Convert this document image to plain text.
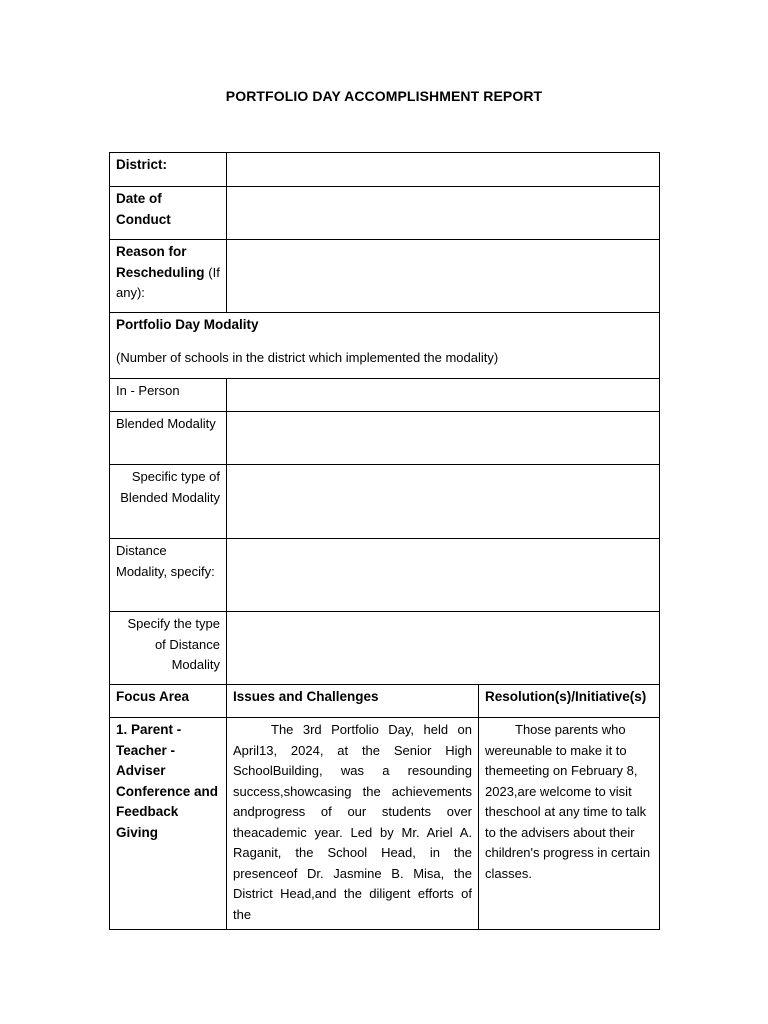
PORTFOLIO DAY ACCOMPLISHMENT REPORT
District:		
Date of Conduct		
Reason for Rescheduling (If any):		

Portfolio Day Modality
(Number of schools in the district which implemented the modality)		

In - Person		
Blended Modality		
Specific type of Blended Modality		
Distance Modality, specify:		
Specify the type of Distance Modality		
Focus Area	Issues and Challenges	Resolution(s)/Initiative(s)
1. Parent - Teacher - Adviser Conference and Feedback Giving	The 3rd Portfolio Day, held on April13, 2024, at the Senior High SchoolBuilding, was a resounding success,showcasing the achievements andprogress of our students over theacademic year. Led by Mr. Ariel A. Raganit, the School Head, in the presenceof Dr. Jasmine B. Misa, the District Head,and the diligent efforts of the	Those parents who wereunable to make it to themeeting on February 8, 2023,are welcome to visit theschool at any time to talk to the advisers about their children's progress in certain classes.
